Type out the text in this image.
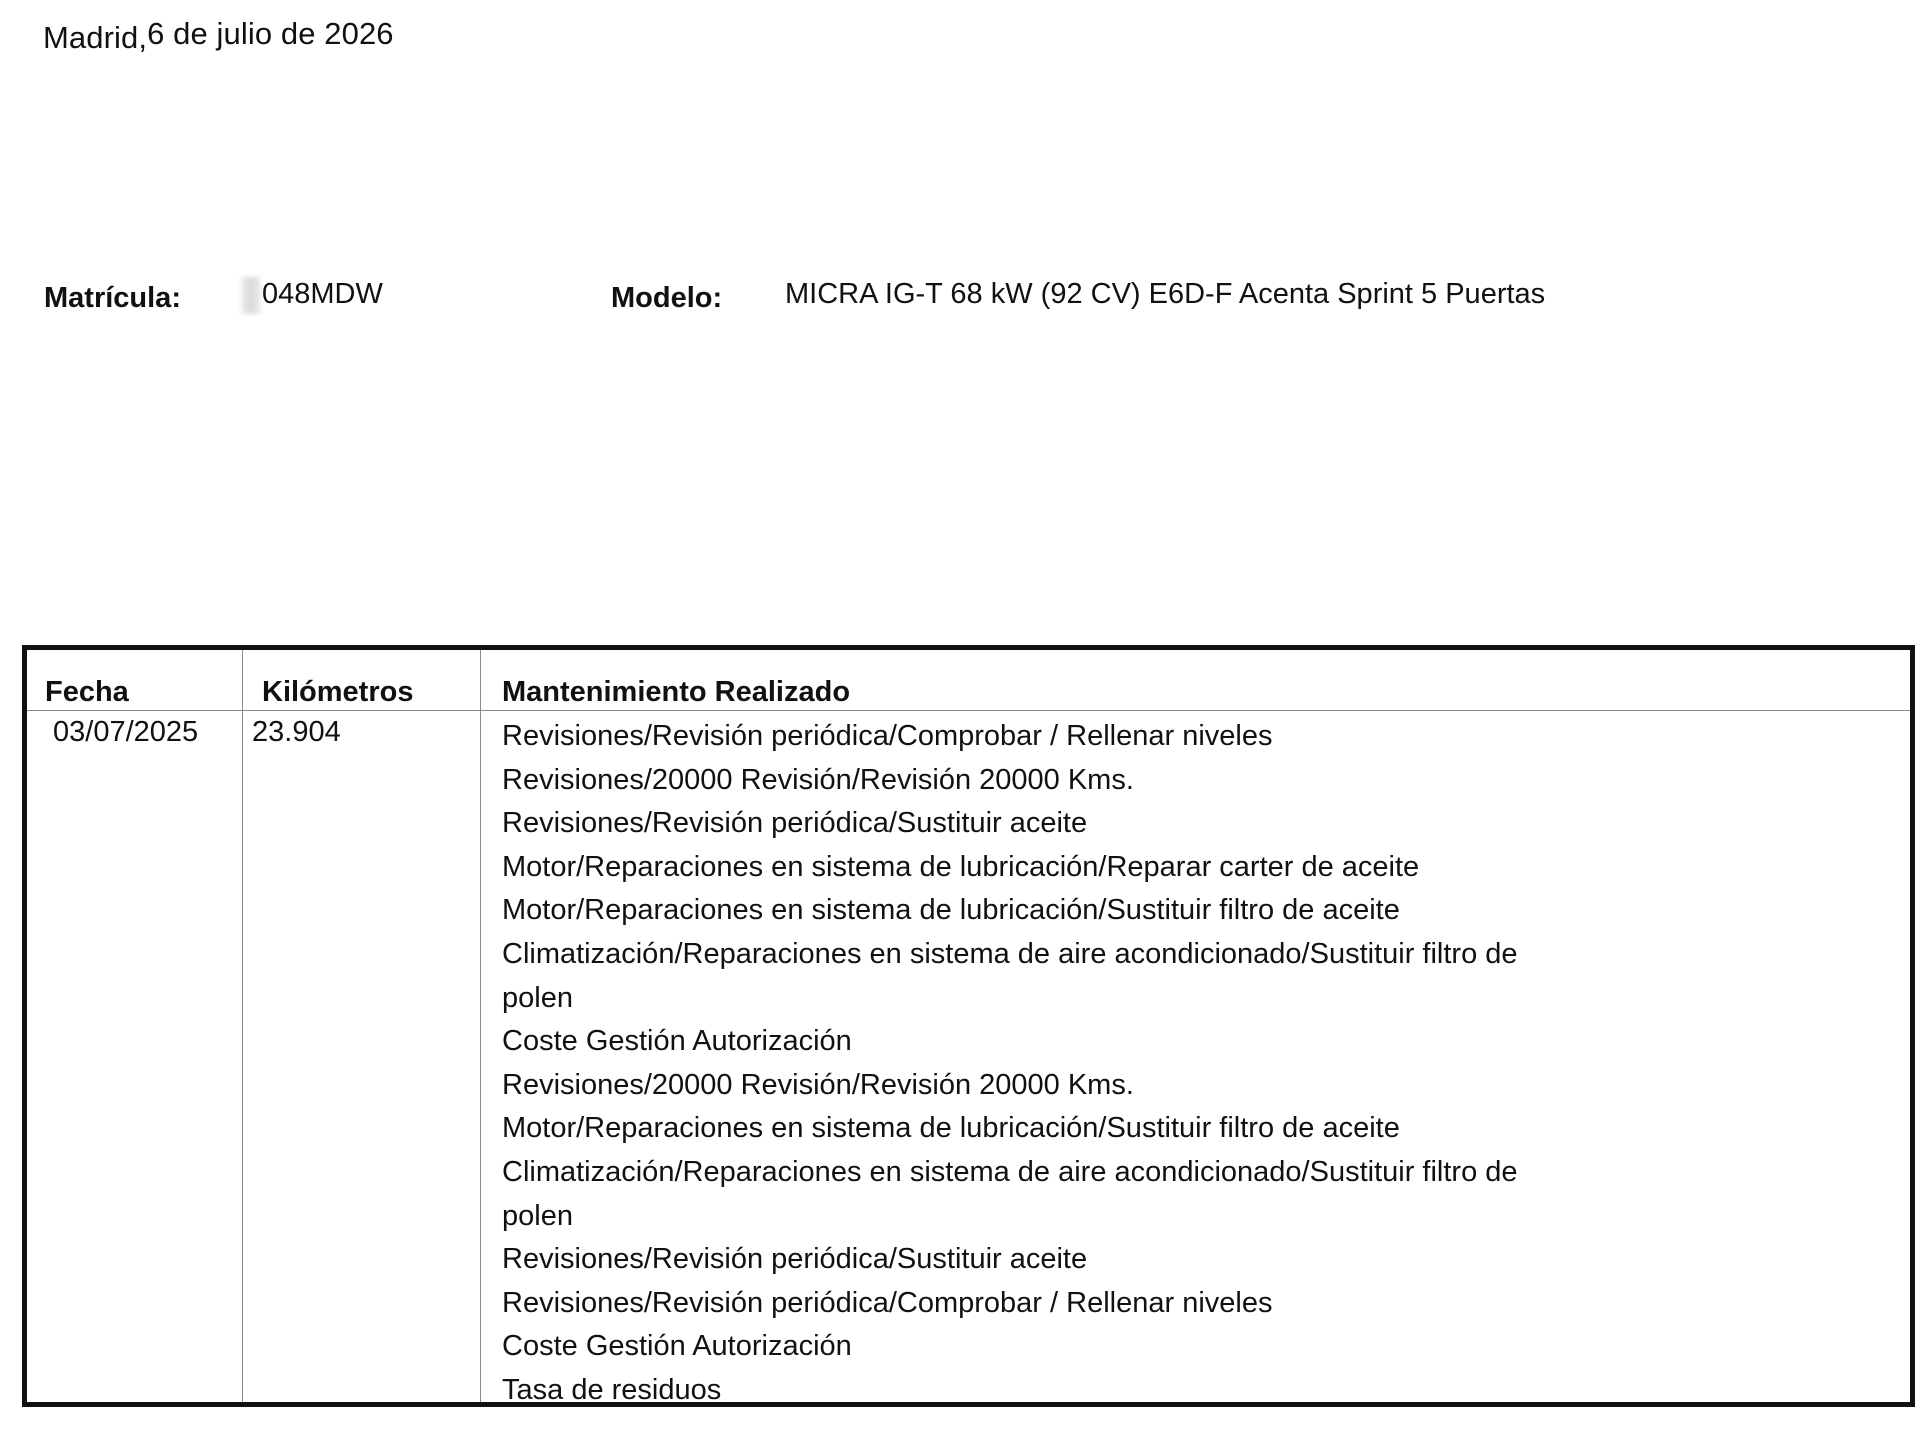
Madrid,6 de julio de 2026
Matrícula:	048MDW	Modelo: MICRA IG-T 68 kW (92 CV) E6D-F Acenta Sprint 5 Puertas
Fecha	Kilómetros	Mantenimiento Realizado
03/07/2025 23.904	Revisiones/Revisión periódica/Comprobar / Rellenar niveles
Revisiones/20000 Revisión/Revisión 20000 Kms.
Revisiones/Revisión periódica/Sustituir aceite
Motor/Reparaciones en sistema de lubricación/Reparar carter de aceite
Motor/Reparaciones en sistema de lubricación/Sustituir filtro de aceite
Climatización/Reparaciones en sistema de aire acondicionado/Sustituir filtro de
polen
Coste Gestión Autorización
Revisiones/20000 Revisión/Revisión 20000 Kms.
Motor/Reparaciones en sistema de lubricación/Sustituir filtro de aceite
Climatización/Reparaciones en sistema de aire acondicionado/Sustituir filtro de
polen
Revisiones/Revisión periódica/Sustituir aceite
Revisiones/Revisión periódica/Comprobar / Rellenar niveles
Coste Gestión Autorización
Tasa de residuos
